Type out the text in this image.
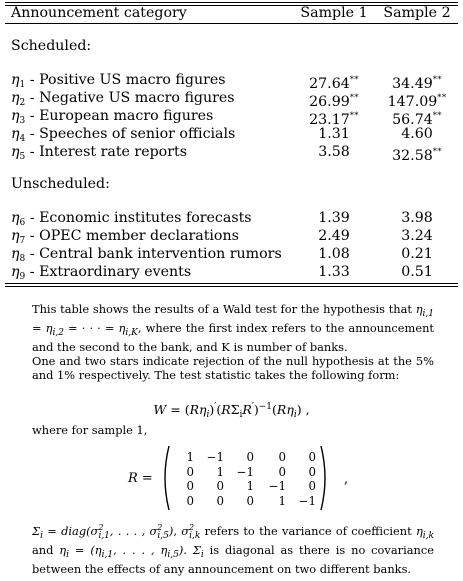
Announcement category	Sample 1	Sample 2
Scheduled:
$\eta_1$ - Positive US macro figures	27.64**	34.49**
$\eta_2$ - Negative US macro figures	26.99**	147.09**
$\eta_3$ - European macro figures	23.17**	56.74**
$\eta_4$ - Speeches of senior officials	1.31	4.60
$\eta_5$ - Interest rate reports	3.58	32.58**
Unscheduled:
$\eta_6$ - Economic institutes forecasts	1.39	3.98
$\eta_7$ - OPEC member declarations	2.49	3.24
$\eta_8$ - Central bank intervention rumors	1.08	0.21
$\eta_9$ - Extraordinary events	1.33	0.51

This table shows the results of a Wald test for the hypothesis that $\eta_{i,1} = \eta_{i,2}$ = · · · = $\eta_{i,K}$, where the first index refers to the announcement and the second to the bank, and K is number of banks.

One and two stars indicate rejection of the null hypothesis at the 5% and 1% respectively. The test statistic takes the following form:

$W = (R\eta_i)'(R\Sigma_iR')^{-1}(R\eta_i)$ ,

where for sample 1,

R =
1	−1	0	0	0
0	1	−1	0	0
0	0	1	−1	0
0	0	0	1	−1
,

$\Sigma_i$ = $diag(\sigma^2_{i,1}$, . . . , $\sigma^2_{i,5}$), $\sigma^2_{i,k}$ refers to the variance of coefficient $\eta_{i,k}$ and $\eta_i = (\eta_{i,1}$, . . . , $\eta_{i,5}$). $\Sigma_i$ is diagonal as there is no covariance between the effects of any announcement on two different banks.
